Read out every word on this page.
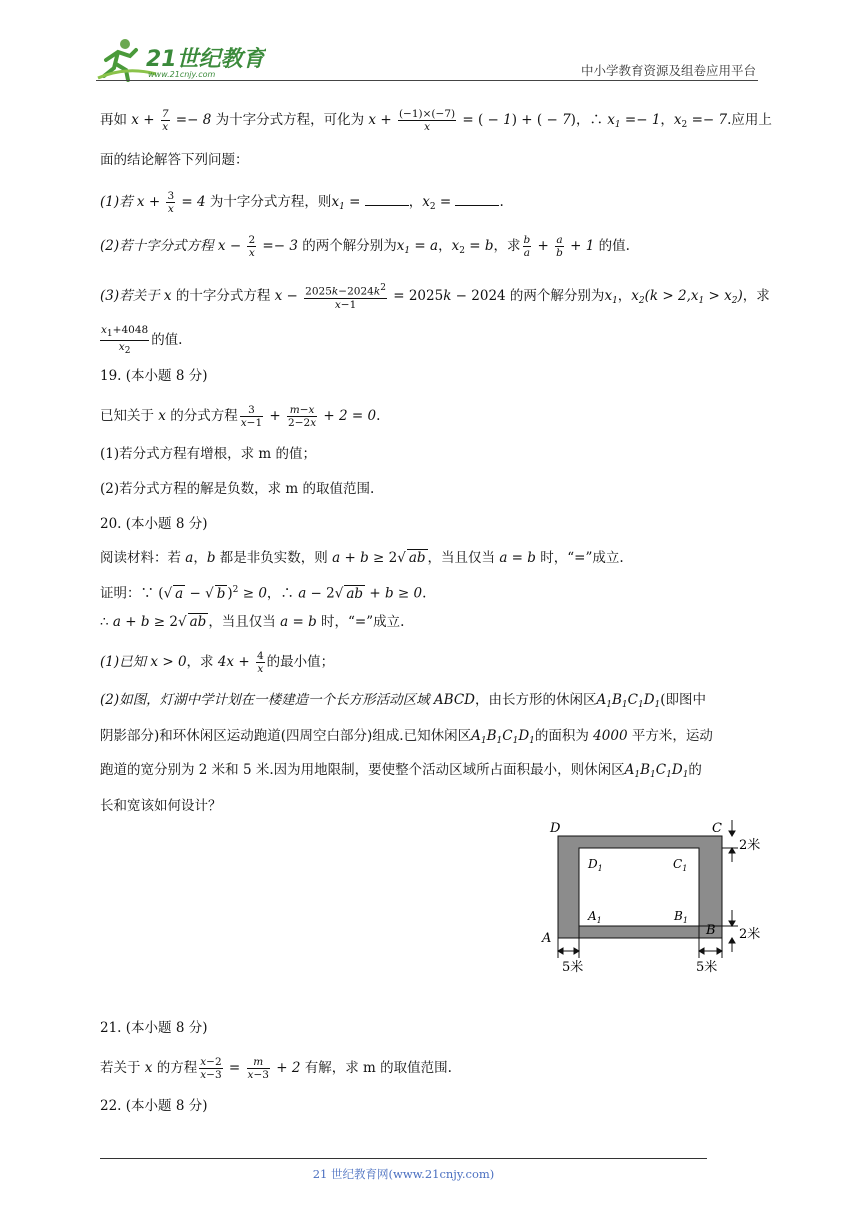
21世纪教育
www.21cnjy.com	中小学教育资源及组卷应用平台
再如 $x + \frac{7}{x} =- 8$ 为十字分式方程，可化为 $x + \frac{(-1)\times(-7)}{x}$ = ( − 1) + ( − 7)，∴ $x_1 =- 1$，$x_2 =- 7$.应用上
面的结论解答下列问题：
(1)若 $x + \frac{3}{x} = 4$ 为十字分式方程，则$x_1$ =	，$x_2$ =	.
(2)若十字分式方程 $x - \frac{2}{x} =- 3$ 的两个解分别为$x_1 = a$，$x_2 = b$，求 $\frac{b}{a} + \frac{a}{b} + 1$ 的值.
(3)若关于 x 的十字分式方程 $x - \frac{2025k-2024k^2}{x-1} = 2025k - 2024$ 的两个解分别为$x_1$，$x_2(k > 2,x_1 > x_2)$，求
$\frac{x_1+4048}{x_2}$ 的值.
19. (本小题 8 分)
已知关于 x 的分式方程 $\frac{3}{x-1} + \frac{m-x}{2-2x} + 2 = 0$.
(1)若分式方程有增根，求 m 的值；
(2)若分式方程的解是负数，求 m 的取值范围.
20. (本小题 8 分)
阅读材料：若 a，b 都是非负实数，则 a + b ≥ 2√ ab ，当且仅当 a = b 时，“=”成立.
证明：∵ (√ a − √ b )$^2$ ≥ 0，∴ a − 2√ ab + b ≥ 0.
∴ a + b ≥ 2√ ab ，当且仅当 a = b 时，“=”成立.
(1)已知 x > 0，求 $4x + \frac{4}{x}$ 的最小值；
(2)如图，灯湖中学计划在一楼建造一个长方形活动区域 ABCD，由长方形的休闲区$A_1B_1C_1D_1$(即图中
阴影部分)和环休闲区运动跑道(四周空白部分)组成.已知休闲区$A_1B_1C_1D_1$的面积为 4000 平方米，运动
跑道的宽分别为 2 米和 5 米.因为用地限制，要使整个活动区域所占面积最小，则休闲区$A_1B_1C_1D_1$的
长和宽该如何设计？
D	C
A
B
$D_1$	$C_1$
$A_1$	$B_1$
2米
2米
5米	5米
21. (本小题 8 分)
若关于 x 的方程 $\frac{x-2}{x-3} = \frac{m}{x-3} + 2$ 有解，求 m 的取值范围.
22. (本小题 8 分)
21 世纪教育网(www.21cnjy.com)
